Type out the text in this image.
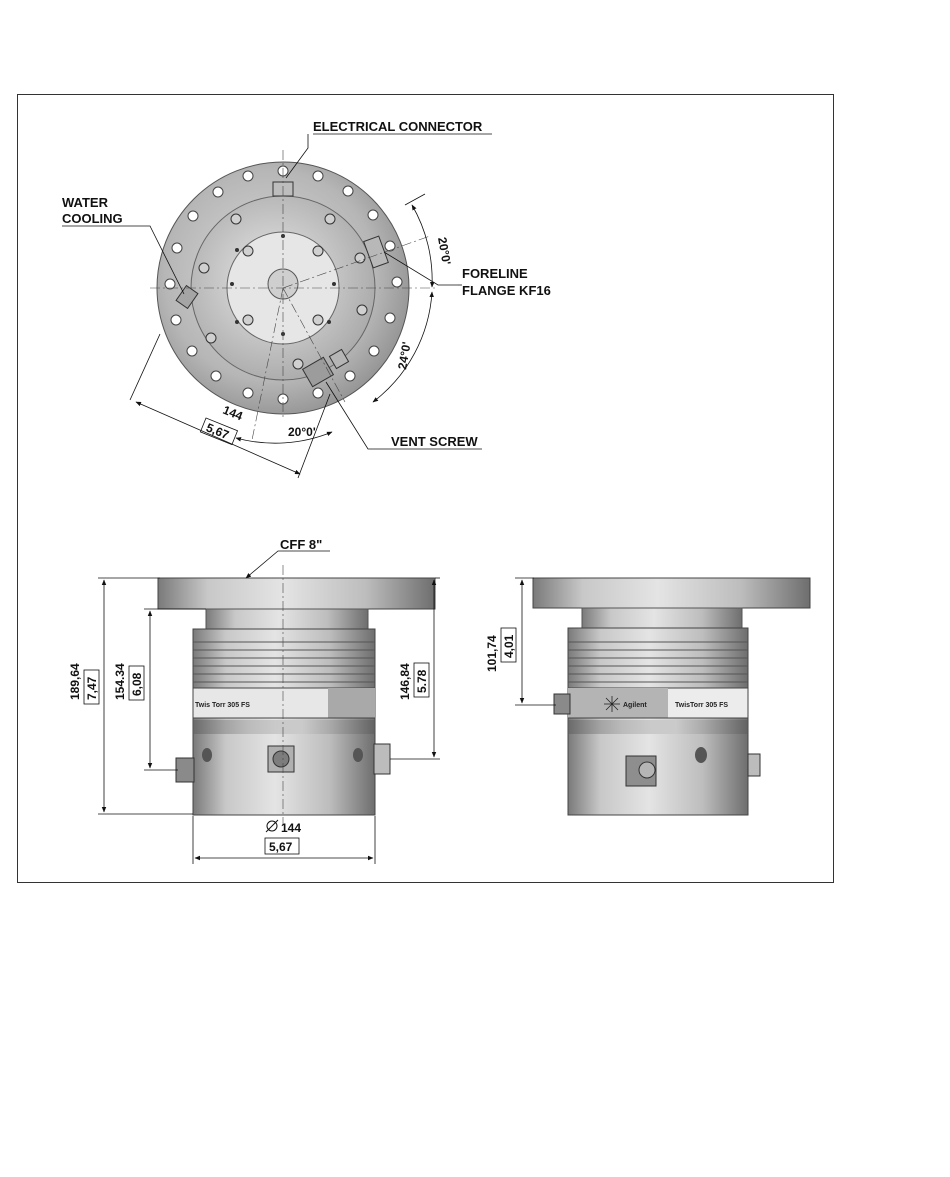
ELECTRICAL CONNECTOR
WATER
COOLING
FORELINE
FLANGE KF16
VENT SCREW
20°0'
24°0'
20°0'
144
5,67
Twis Torr 305 FS
CFF 8"
189,64 7,47 154.34 6,08	146,84 5.78
144
5,67
Agilent	TwisTorr 305 FS
101,74 4,01
